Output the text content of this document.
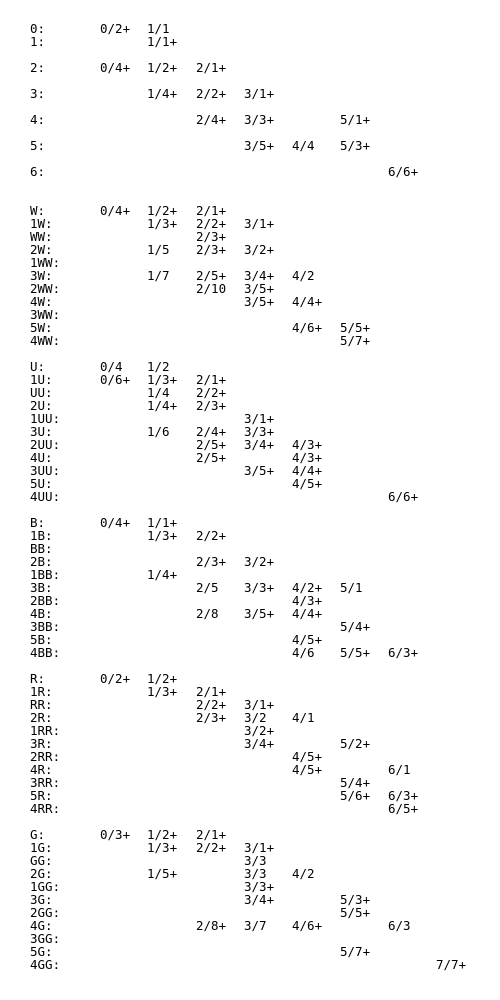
0:	0/2+ 1/1
1:	1/1+
2:	0/4+ 1/2+ 2/1+
3:	1/4+ 2/2+ 3/1+
4:	2/4+ 3/3+	5/1+
5:	3/5+ 4/4 5/3+
6:	6/6+
W:	0/4+ 1/2+ 2/1+
1W:	1/3+ 2/2+ 3/1+
WW:	2/3+
2W:	1/5 2/3+ 3/2+
1WW:
3W:	1/7 2/5+ 3/4+ 4/2
2WW:	2/10 3/5+
4W:	3/5+ 4/4+
3WW:
5W:	4/6+ 5/5+
4WW:	5/7+
U:	0/4 1/2
1U:	0/6+ 1/3+ 2/1+
UU:	1/4 2/2+
2U:	1/4+ 2/3+
1UU:	3/1+
3U:	1/6 2/4+ 3/3+
2UU:	2/5+ 3/4+ 4/3+
4U:	2/5+	4/3+
3UU:	3/5+ 4/4+
5U:	4/5+
4UU:	6/6+
B:	0/4+ 1/1+
1B:	1/3+ 2/2+
BB:
2B:	2/3+ 3/2+
1BB:	1/4+
3B:	2/5 3/3+ 4/2+ 5/1
2BB:	4/3+
4B:	2/8 3/5+ 4/4+
3BB:	5/4+
5B:	4/5+
4BB:	4/6 5/5+ 6/3+
R:	0/2+ 1/2+
1R:	1/3+ 2/1+
RR:	2/2+ 3/1+
2R:	2/3+ 3/2 4/1
1RR:	3/2+
3R:	3/4+	5/2+
2RR:	4/5+
4R:	4/5+	6/1
3RR:	5/4+
5R:	5/6+ 6/3+
4RR:	6/5+
G:	0/3+ 1/2+ 2/1+
1G:	1/3+ 2/2+ 3/1+
GG:	3/3
2G:	1/5+	3/3 4/2
1GG:	3/3+
3G:	3/4+	5/3+
2GG:	5/5+
4G:	2/8+ 3/7 4/6+	6/3
3GG:
5G:	5/7+
4GG:	7/7+
